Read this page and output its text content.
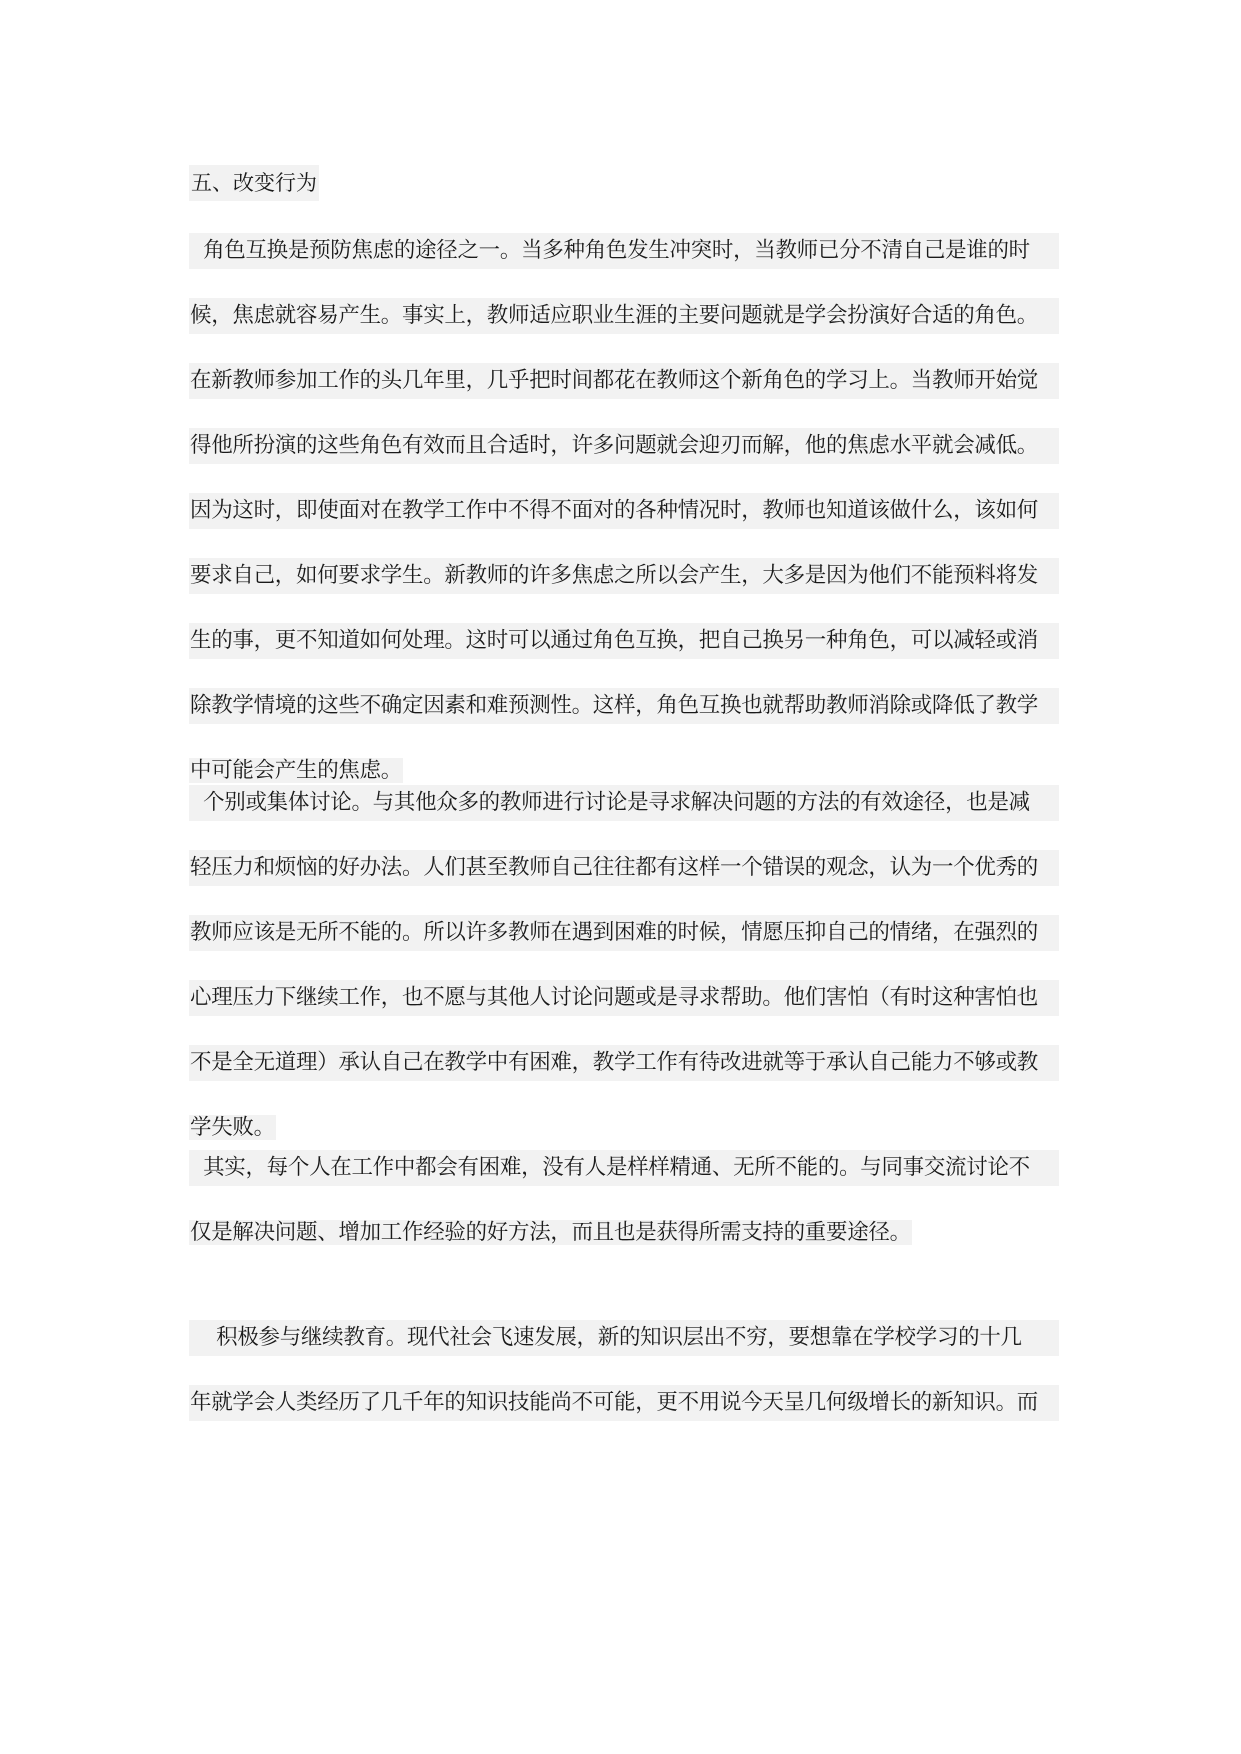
五、改变行为
角色互换是预防焦虑的途径之一。当多种角色发生冲突时，当教师已分不清自己是谁的时
候，焦虑就容易产生。事实上，教师适应职业生涯的主要问题就是学会扮演好合适的角色。
在新教师参加工作的头几年里，几乎把时间都花在教师这个新角色的学习上。当教师开始觉
得他所扮演的这些角色有效而且合适时，许多问题就会迎刃而解，他的焦虑水平就会减低。
因为这时，即使面对在教学工作中不得不面对的各种情况时，教师也知道该做什么，该如何
要求自己，如何要求学生。新教师的许多焦虑之所以会产生，大多是因为他们不能预料将发
生的事，更不知道如何处理。这时可以通过角色互换，把自己换另一种角色，可以减轻或消
除教学情境的这些不确定因素和难预测性。这样，角色互换也就帮助教师消除或降低了教学
中可能会产生的焦虑。
个别或集体讨论。与其他众多的教师进行讨论是寻求解决问题的方法的有效途径，也是减
轻压力和烦恼的好办法。人们甚至教师自己往往都有这样一个错误的观念，认为一个优秀的
教师应该是无所不能的。所以许多教师在遇到困难的时候，情愿压抑自己的情绪，在强烈的
心理压力下继续工作，也不愿与其他人讨论问题或是寻求帮助。他们害怕（有时这种害怕也
不是全无道理）承认自己在教学中有困难，教学工作有待改进就等于承认自己能力不够或教
学失败。
其实，每个人在工作中都会有困难，没有人是样样精通、无所不能的。与同事交流讨论不
仅是解决问题、增加工作经验的好方法，而且也是获得所需支持的重要途径。
积极参与继续教育。现代社会飞速发展，新的知识层出不穷，要想靠在学校学习的十几
年就学会人类经历了几千年的知识技能尚不可能，更不用说今天呈几何级增长的新知识。而
